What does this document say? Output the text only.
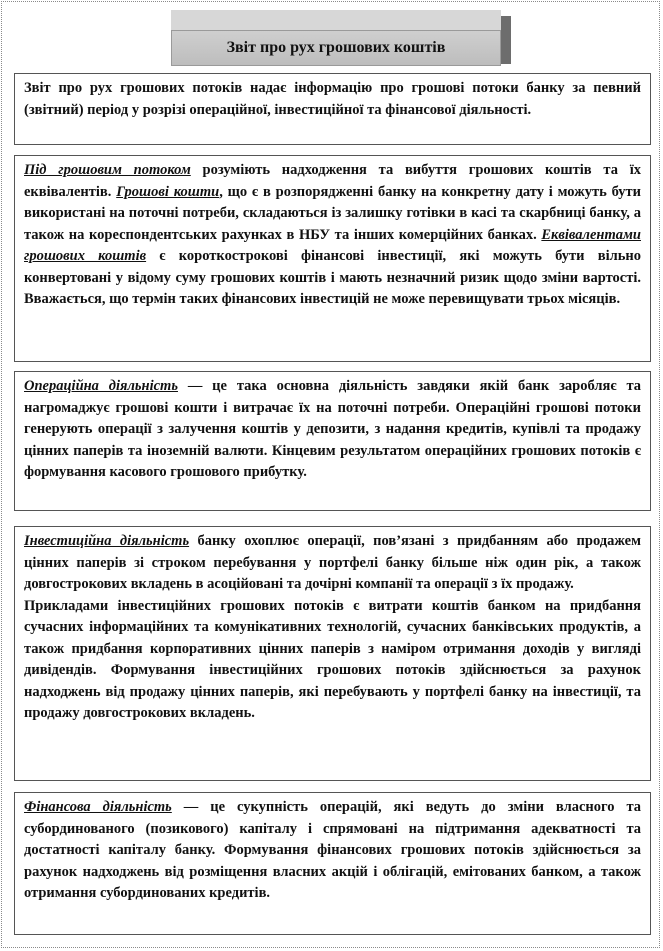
Звіт про рух грошових коштів

Звіт про рух грошових потоків надає інформацію про грошові потоки банку за певний (звітний) період у розрізі операційної, інвестиційної та фінансової діяльності.

Під грошовим потоком розуміють надходження та вибуття грошових коштів та їх еквівалентів. Грошові кошти, що є в розпорядженні банку на конкретну дату і можуть бути використані на поточні потреби, складаються із залишку готівки в касі та скарбниці банку, а також на кореспондентських рахунках в НБУ та інших комерційних банках. Еквівалентами грошових коштів є короткострокові фінансові інвестиції, які можуть бути вільно конвертовані у відому суму грошових коштів і мають незначний ризик щодо зміни вартості. Вважається, що термін таких фінансових інвестицій не може перевищувати трьох місяців.

Операційна діяльність — це така основна діяльність завдяки якій банк заробляє та нагромаджує грошові кошти і витрачає їх на поточні потреби. Операційні грошові потоки генерують операції з залучення коштів у депозити, з надання кредитів, купівлі та продажу цінних паперів та іноземній валюти. Кінцевим результатом операційних грошових потоків є формування касового грошового прибутку.

Інвестиційна діяльність банку охоплює операції, пов’язані з придбанням або продажем цінних паперів зі строком перебування у портфелі банку більше ніж один рік, а також довгострокових вкладень в асоційовані та дочірні компанії та операції з їх продажу.

Прикладами інвестиційних грошових потоків є витрати коштів банком на придбання сучасних інформаційних та комунікативних технологій, сучасних банківських продуктів, а також придбання корпоративних цінних паперів з наміром отримання доходів у вигляді дивідендів. Формування інвестиційних грошових потоків здійснюється за рахунок надходжень від продажу цінних паперів, які перебувають у портфелі банку на інвестиції, та продажу довгострокових вкладень.

Фінансова діяльність — це сукупність операцій, які ведуть до зміни власного та субординованого (позикового) капіталу і спрямовані на підтримання адекватності та достатності капіталу банку. Формування фінансових грошових потоків здійснюється за рахунок надходжень від розміщення власних акцій і облігацій, емітованих банком, а також отримання субординованих кредитів.
